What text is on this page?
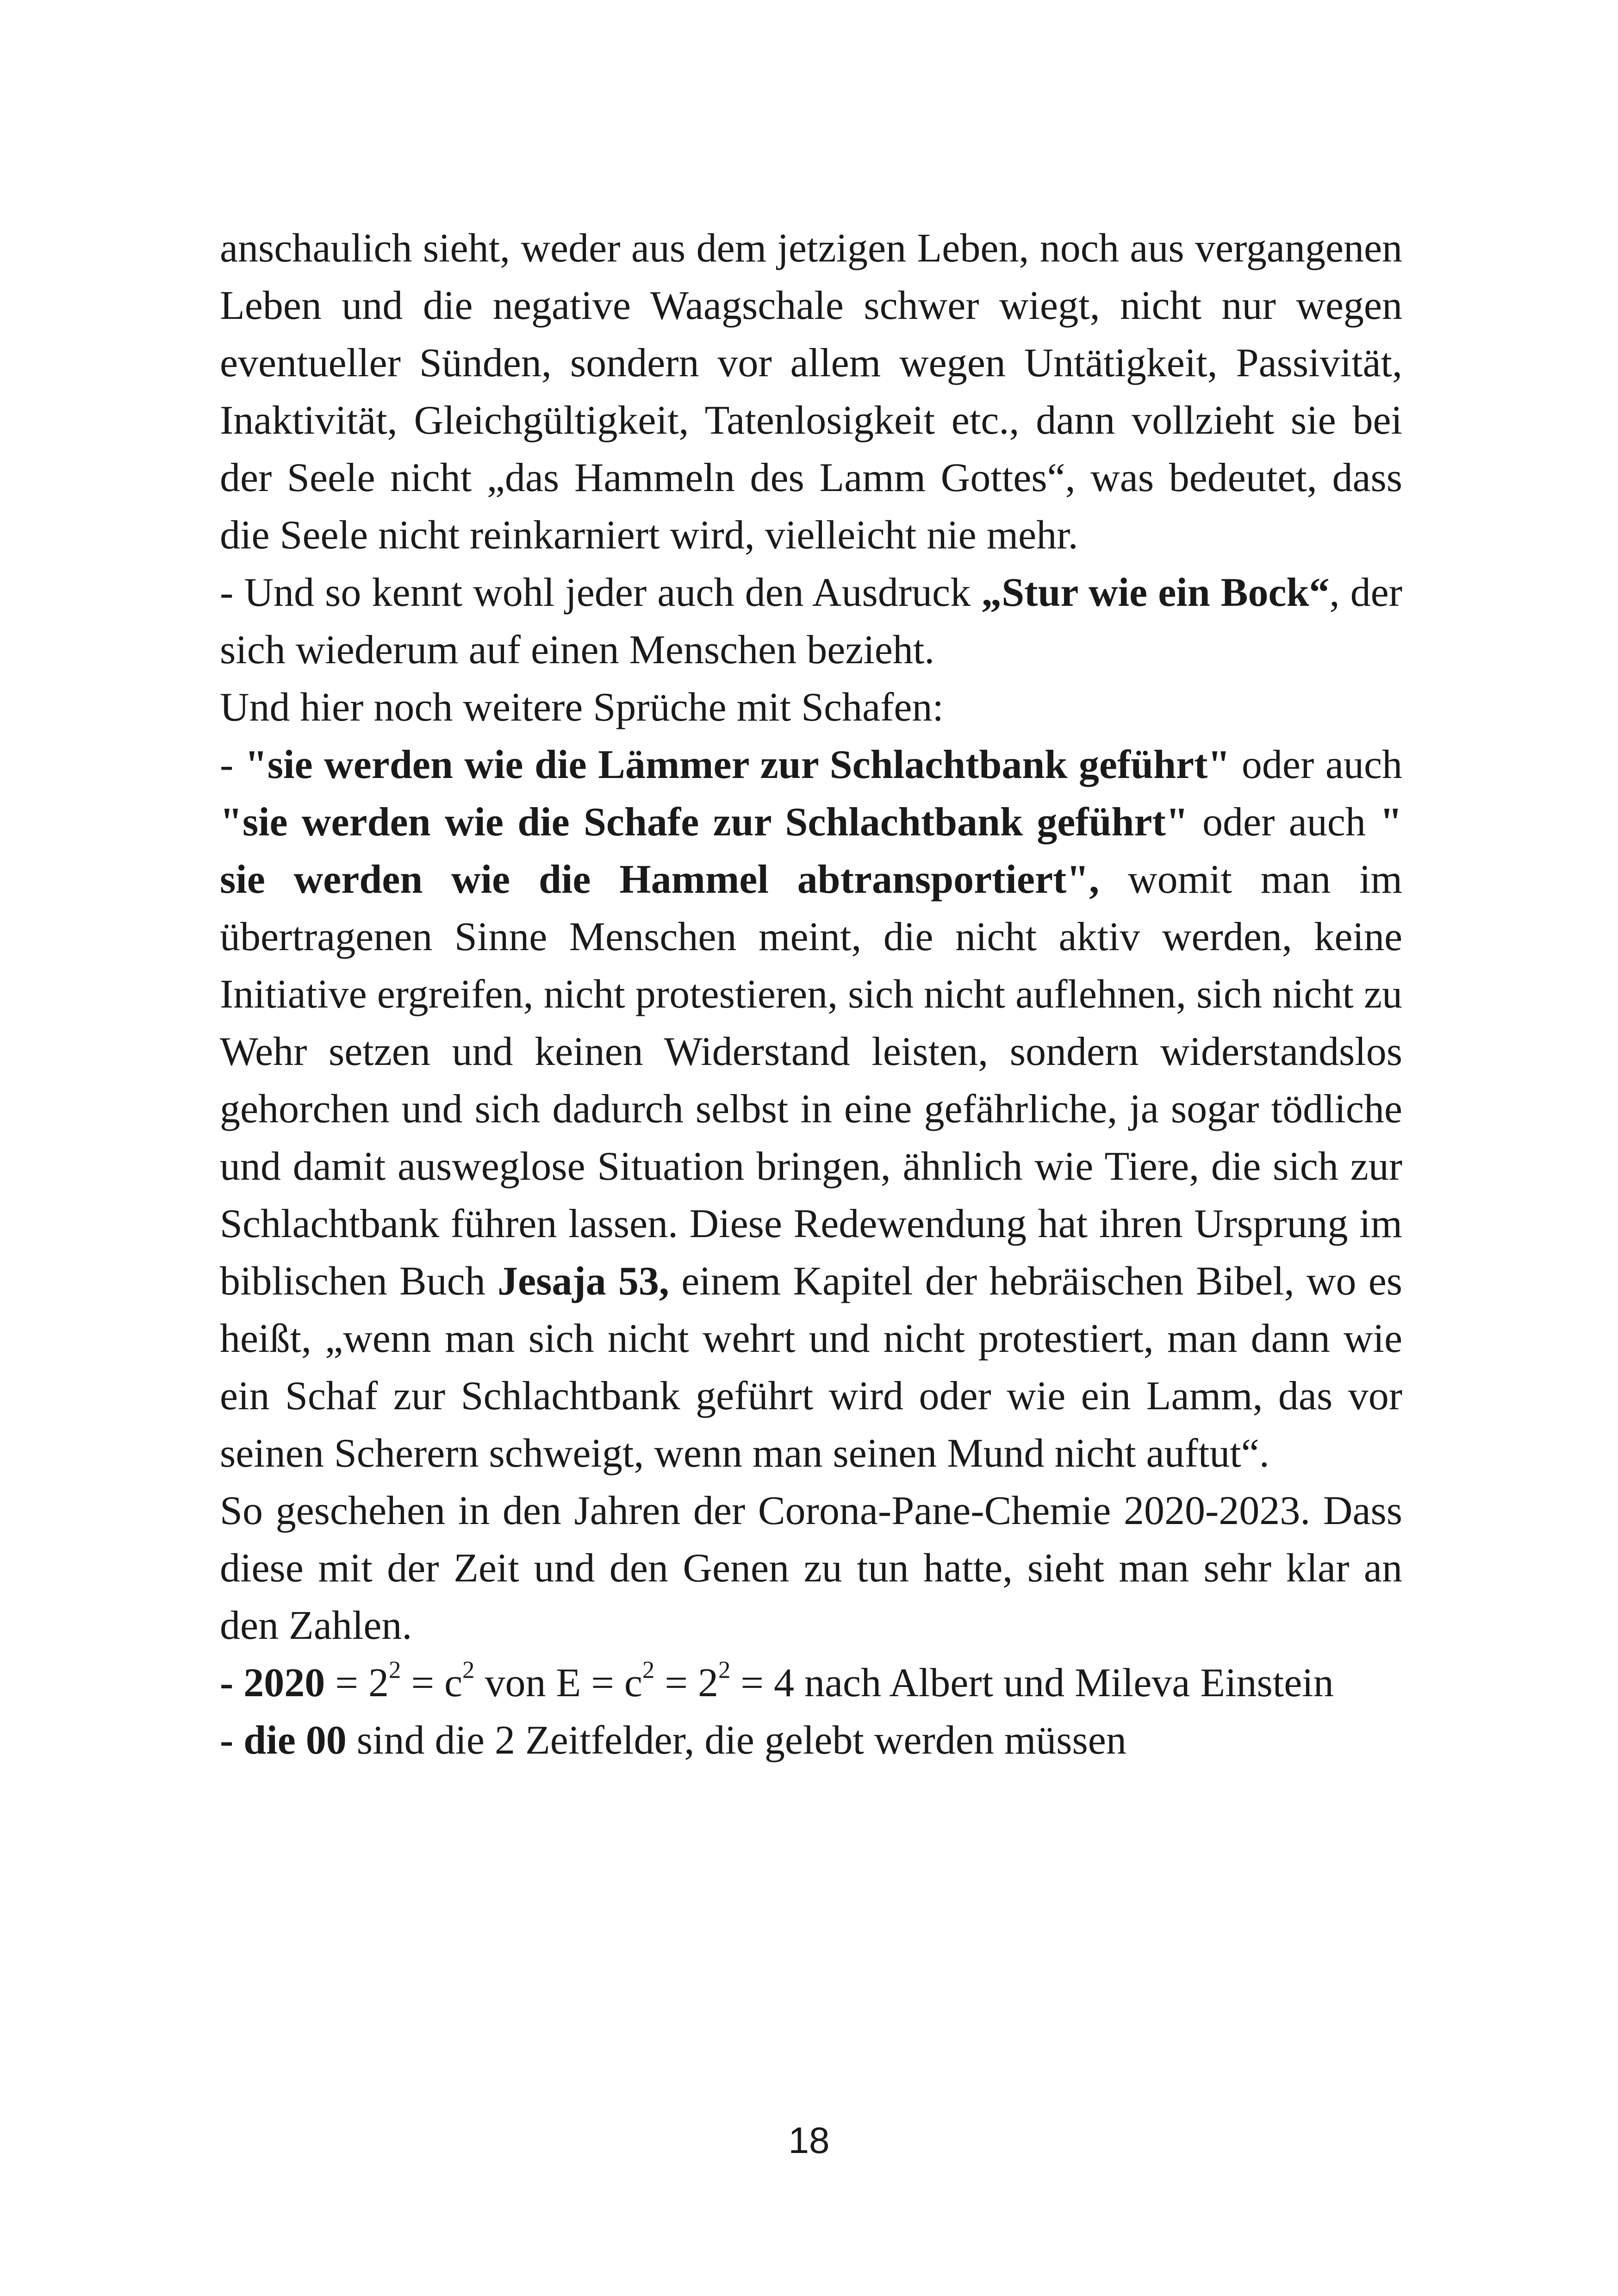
anschaulich sieht, weder aus dem jetzigen Leben, noch aus vergangenen Leben und die negative Waagschale schwer wiegt, nicht nur wegen eventueller Sünden, sondern vor allem wegen Untätigkeit, Passivität, Inaktivität, Gleichgültigkeit, Tatenlosigkeit etc., dann vollzieht sie bei der Seele nicht „das Hammeln des Lamm Gottes“, was bedeutet, dass die Seele nicht reinkarniert wird, vielleicht nie mehr.

- Und so kennt wohl jeder auch den Ausdruck „Stur wie ein Bock“, der sich wiederum auf einen Menschen bezieht.

Und hier noch weitere Sprüche mit Schafen:

- "sie werden wie die Lämmer zur Schlachtbank geführt" oder auch "sie werden wie die Schafe zur Schlachtbank geführt" oder auch " sie werden wie die Hammel abtransportiert", womit man im übertragenen Sinne Menschen meint, die nicht aktiv werden, keine Initiative ergreifen, nicht protestieren, sich nicht auflehnen, sich nicht zu Wehr setzen und keinen Widerstand leisten, sondern widerstandslos gehorchen und sich dadurch selbst in eine gefährliche, ja sogar tödliche und damit ausweglose Situation bringen, ähnlich wie Tiere, die sich zur Schlachtbank führen lassen. Diese Redewendung hat ihren Ursprung im biblischen Buch Jesaja 53, einem Kapitel der hebräischen Bibel, wo es heißt, „wenn man sich nicht wehrt und nicht protestiert, man dann wie ein Schaf zur Schlachtbank geführt wird oder wie ein Lamm, das vor seinen Scherern schweigt, wenn man seinen Mund nicht auftut“.

So geschehen in den Jahren der Corona-Pane-Chemie 2020-2023. Dass diese mit der Zeit und den Genen zu tun hatte, sieht man sehr klar an den Zahlen.

- $2020 = 2^2 = c^2$ von $E = c^2 = 2^2 = 4$ nach Albert und Mileva Einstein

- die 00 sind die 2 Zeitfelder, die gelebt werden müssen

18
